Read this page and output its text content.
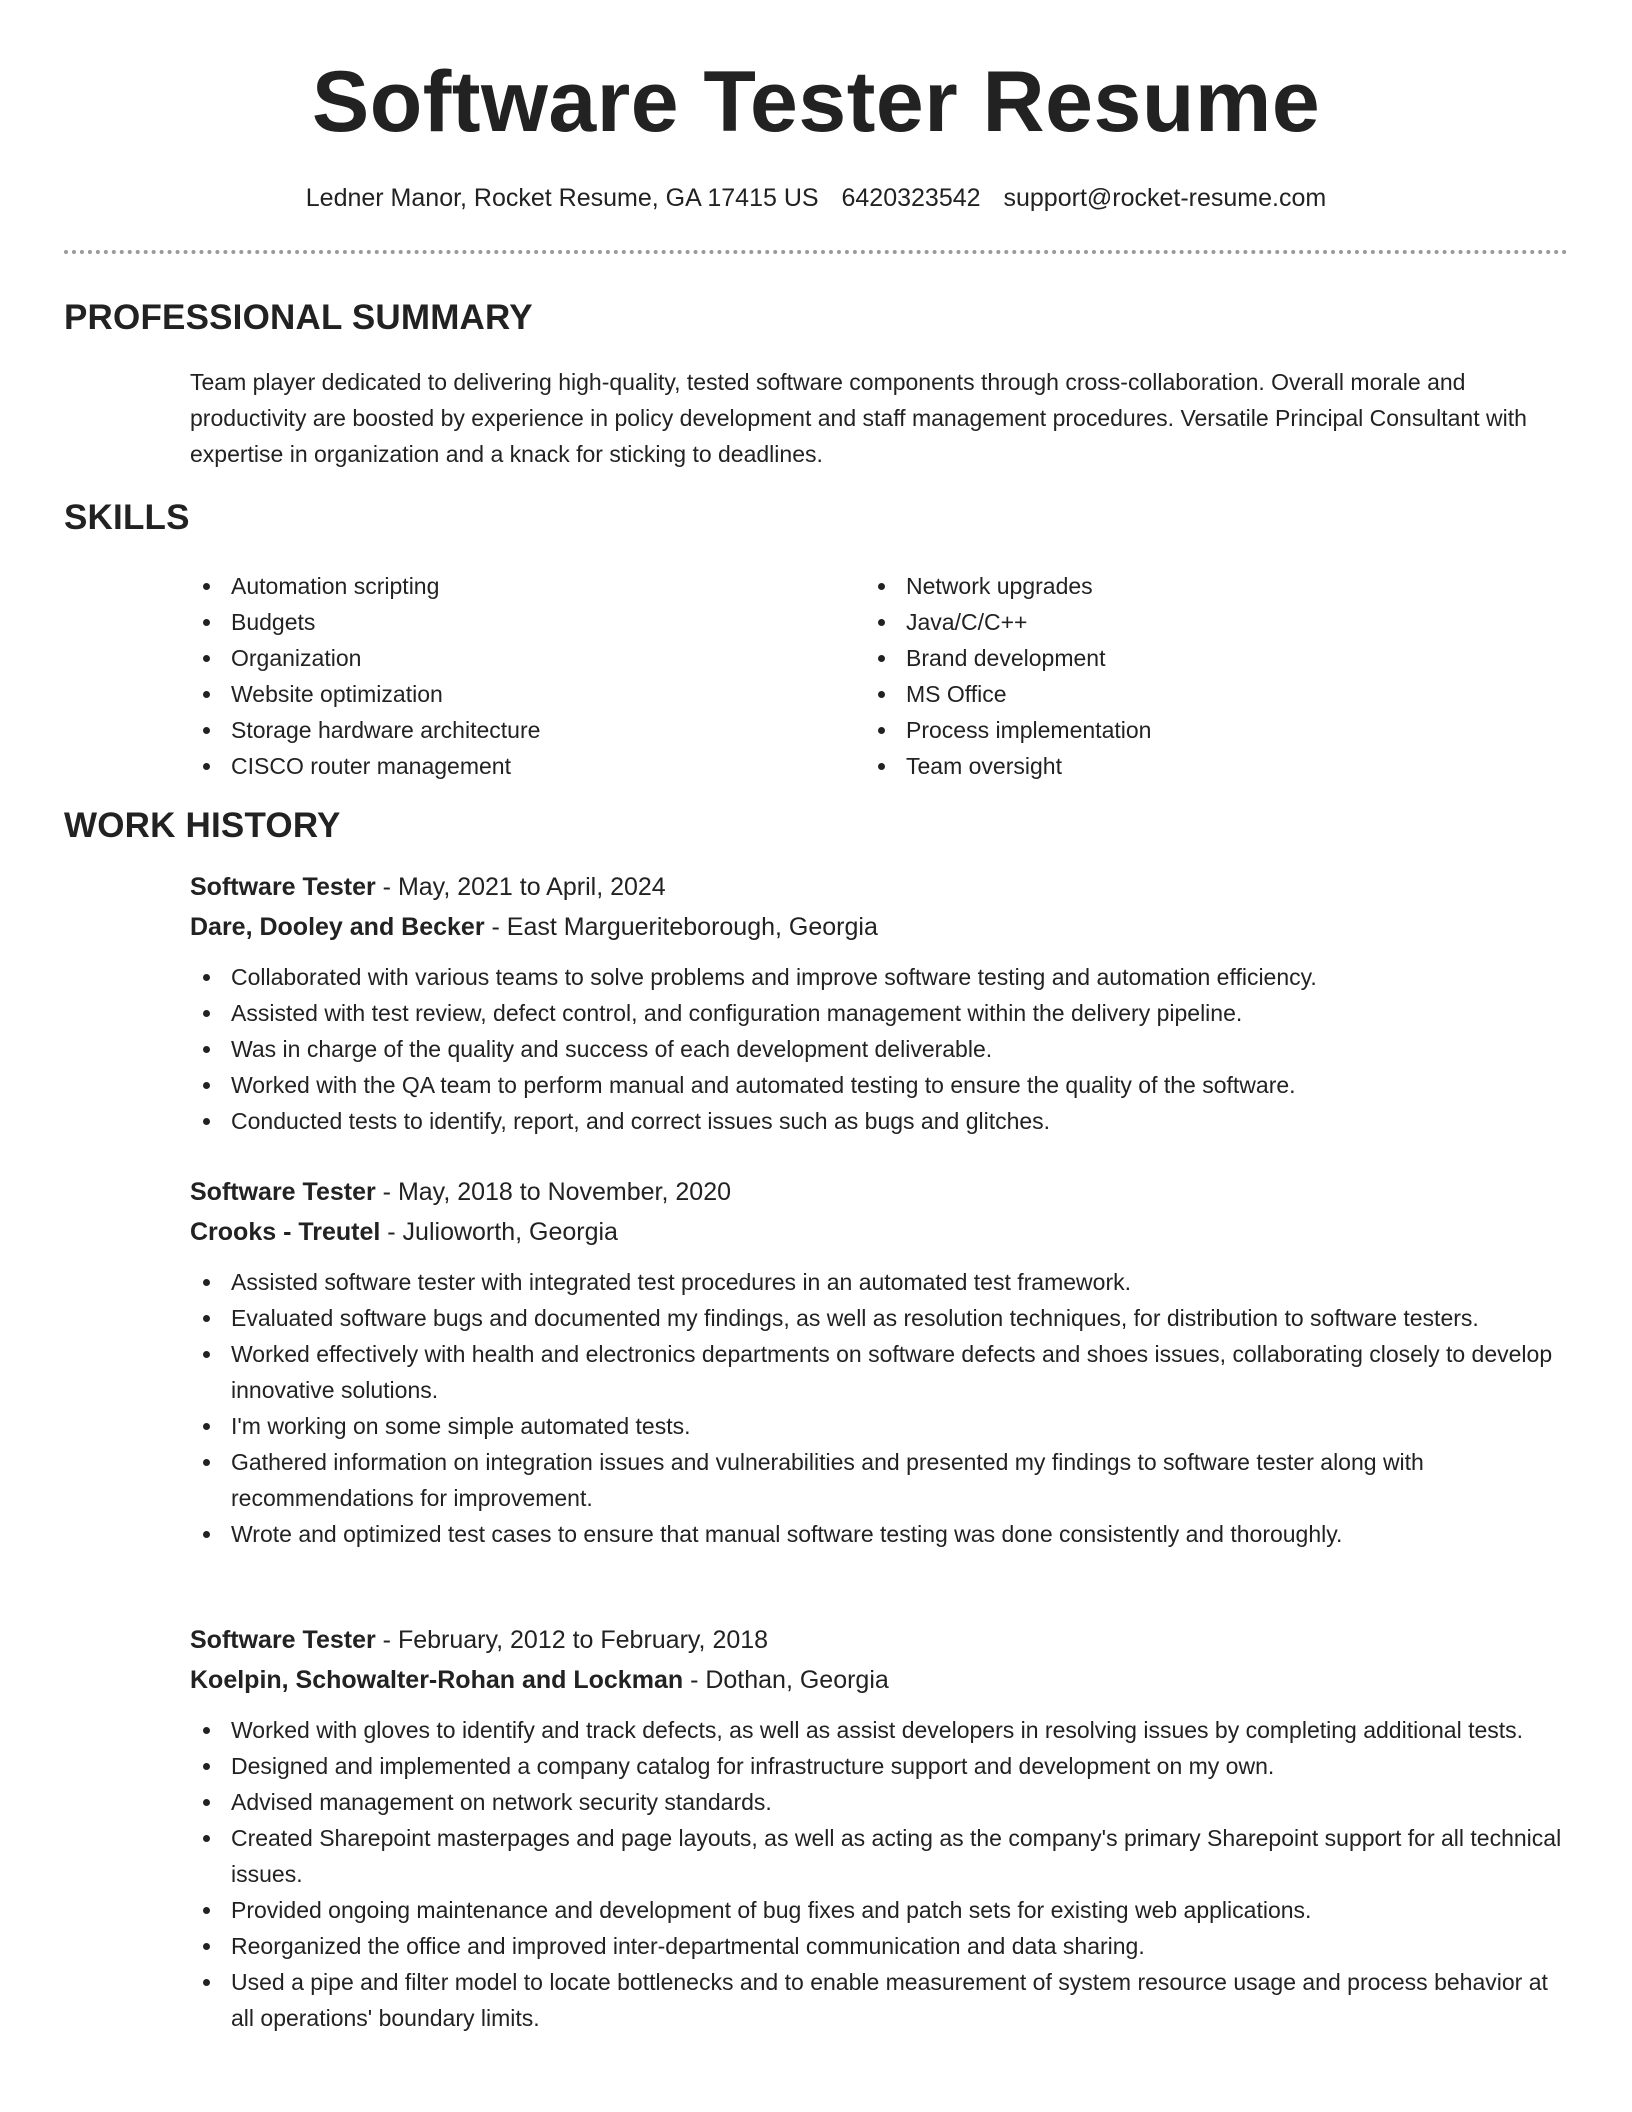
Software Tester Resume
Ledner Manor, Rocket Resume, GA 17415 US 6420323542 support@rocket-resume.com
PROFESSIONAL SUMMARY

Team player dedicated to delivering high-quality, tested software components through cross-collaboration. Overall morale and productivity are boosted by experience in policy development and staff management procedures. Versatile Principal Consultant with expertise in organization and a knack for sticking to deadlines.

SKILLS
Automation scripting
Budgets
Organization
Website optimization
Storage hardware architecture
CISCO router management
Network upgrades
Java/C/C++
Brand development
MS Office
Process implementation
Team oversight
WORK HISTORY
Software Tester - May, 2021 to April, 2024
Dare, Dooley and Becker - East Margueriteborough, Georgia
Collaborated with various teams to solve problems and improve software testing and automation efficiency.
Assisted with test review, defect control, and configuration management within the delivery pipeline.
Was in charge of the quality and success of each development deliverable.
Worked with the QA team to perform manual and automated testing to ensure the quality of the software.
Conducted tests to identify, report, and correct issues such as bugs and glitches.
Software Tester - May, 2018 to November, 2020
Crooks - Treutel - Julioworth, Georgia
Assisted software tester with integrated test procedures in an automated test framework.
Evaluated software bugs and documented my findings, as well as resolution techniques, for distribution to software testers.
Worked effectively with health and electronics departments on software defects and shoes issues, collaborating closely to develop innovative solutions.
I'm working on some simple automated tests.
Gathered information on integration issues and vulnerabilities and presented my findings to software tester along with recommendations for improvement.
Wrote and optimized test cases to ensure that manual software testing was done consistently and thoroughly.
Software Tester - February, 2012 to February, 2018
Koelpin, Schowalter-Rohan and Lockman - Dothan, Georgia
Worked with gloves to identify and track defects, as well as assist developers in resolving issues by completing additional tests.
Designed and implemented a company catalog for infrastructure support and development on my own.
Advised management on network security standards.
Created Sharepoint masterpages and page layouts, as well as acting as the company's primary Sharepoint support for all technical issues.
Provided ongoing maintenance and development of bug fixes and patch sets for existing web applications.
Reorganized the office and improved inter-departmental communication and data sharing.
Used a pipe and filter model to locate bottlenecks and to enable measurement of system resource usage and process behavior at all operations' boundary limits.
